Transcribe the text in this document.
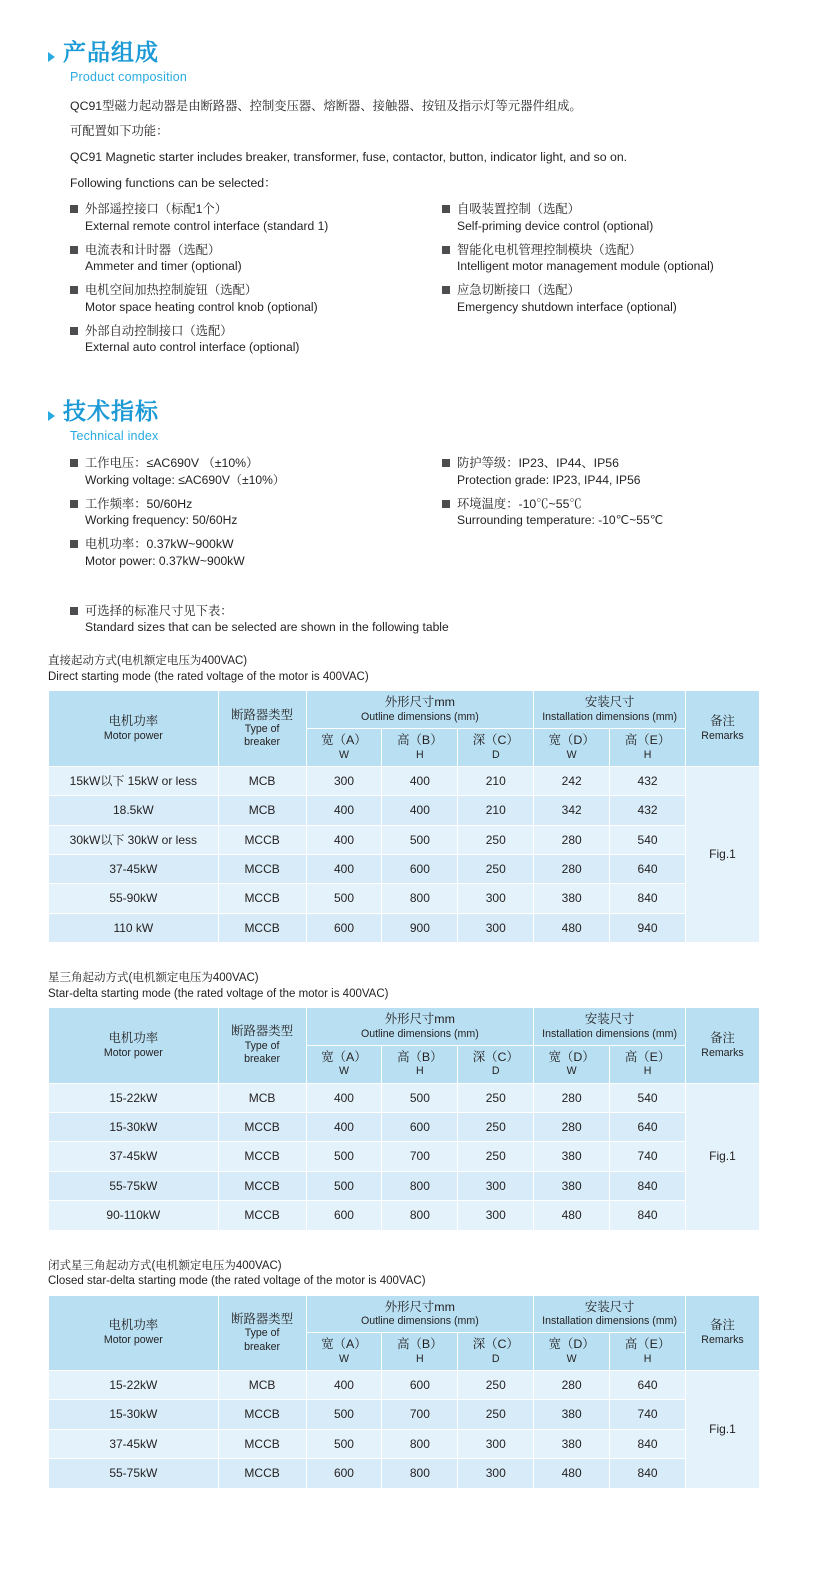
产品组成
Product composition

QC91型磁力起动器是由断路器、控制变压器、熔断器、接触器、按钮及指示灯等元器件组成。

可配置如下功能：

QC91 Magnetic starter includes breaker, transformer, fuse, contactor, button, indicator light, and so on.

Following functions can be selected：

外部遥控接口（标配1个）
External remote control interface (standard 1)
电流表和计时器（选配）
Ammeter and timer (optional)
电机空间加热控制旋钮（选配）
Motor space heating control knob (optional)
外部自动控制接口（选配）
External auto control interface (optional)
自吸装置控制（选配）
Self-priming device control (optional)
智能化电机管理控制模块（选配）
Intelligent motor management module (optional)
应急切断接口（选配）
Emergency shutdown interface (optional)
技术指标
Technical index
工作电压：≤AC690V （±10%）
Working voltage: ≤AC690V（±10%）
工作频率：50/60Hz
Working frequency: 50/60Hz
电机功率：0.37kW~900kW
Motor power: 0.37kW~900kW
防护等级：IP23、IP44、IP56
Protection grade: IP23, IP44, IP56
环境温度：-10℃~55℃
Surrounding temperature: -10℃~55℃
可选择的标准尺寸见下表：
Standard sizes that can be selected are shown in the following table
直接起动方式(电机额定电压为400VAC)
Direct starting mode (the rated voltage of the motor is 400VAC)
电机功率
Motor power	断路器类型
Type of
breaker	外形尺寸mm
Outline dimensions (mm)			安装尺寸
Installation dimensions (mm)		备注
Remarks

		宽（A）
W	高（B）
H	深（C）
D	宽（D）
W	高（E）
H	

15kW以下 15kW or less	MCB	300	400	210	242	432	Fig.1
18.5kW	MCB	400	400	210	342	432	
30kW以下 30kW or less	MCCB	400	500	250	280	540	
37-45kW	MCCB	400	600	250	280	640	
55-90kW	MCCB	500	800	300	380	840	
110 kW	MCCB	600	900	300	480	940	
星三角起动方式(电机额定电压为400VAC)
Star-delta starting mode (the rated voltage of the motor is 400VAC)
电机功率
Motor power	断路器类型
Type of
breaker	外形尺寸mm
Outline dimensions (mm)			安装尺寸
Installation dimensions (mm)		备注
Remarks

		宽（A）
W	高（B）
H	深（C）
D	宽（D）
W	高（E）
H	

15-22kW	MCB	400	500	250	280	540	Fig.1
15-30kW	MCCB	400	600	250	280	640	
37-45kW	MCCB	500	700	250	380	740	
55-75kW	MCCB	500	800	300	380	840	
90-110kW	MCCB	600	800	300	480	840	
闭式星三角起动方式(电机额定电压为400VAC)
Closed star-delta starting mode (the rated voltage of the motor is 400VAC)
电机功率
Motor power	断路器类型
Type of
breaker	外形尺寸mm
Outline dimensions (mm)			安装尺寸
Installation dimensions (mm)		备注
Remarks

		宽（A）
W	高（B）
H	深（C）
D	宽（D）
W	高（E）
H	

15-22kW	MCB	400	600	250	280	640	Fig.1
15-30kW	MCCB	500	700	250	380	740	
37-45kW	MCCB	500	800	300	380	840	
55-75kW	MCCB	600	800	300	480	840	
